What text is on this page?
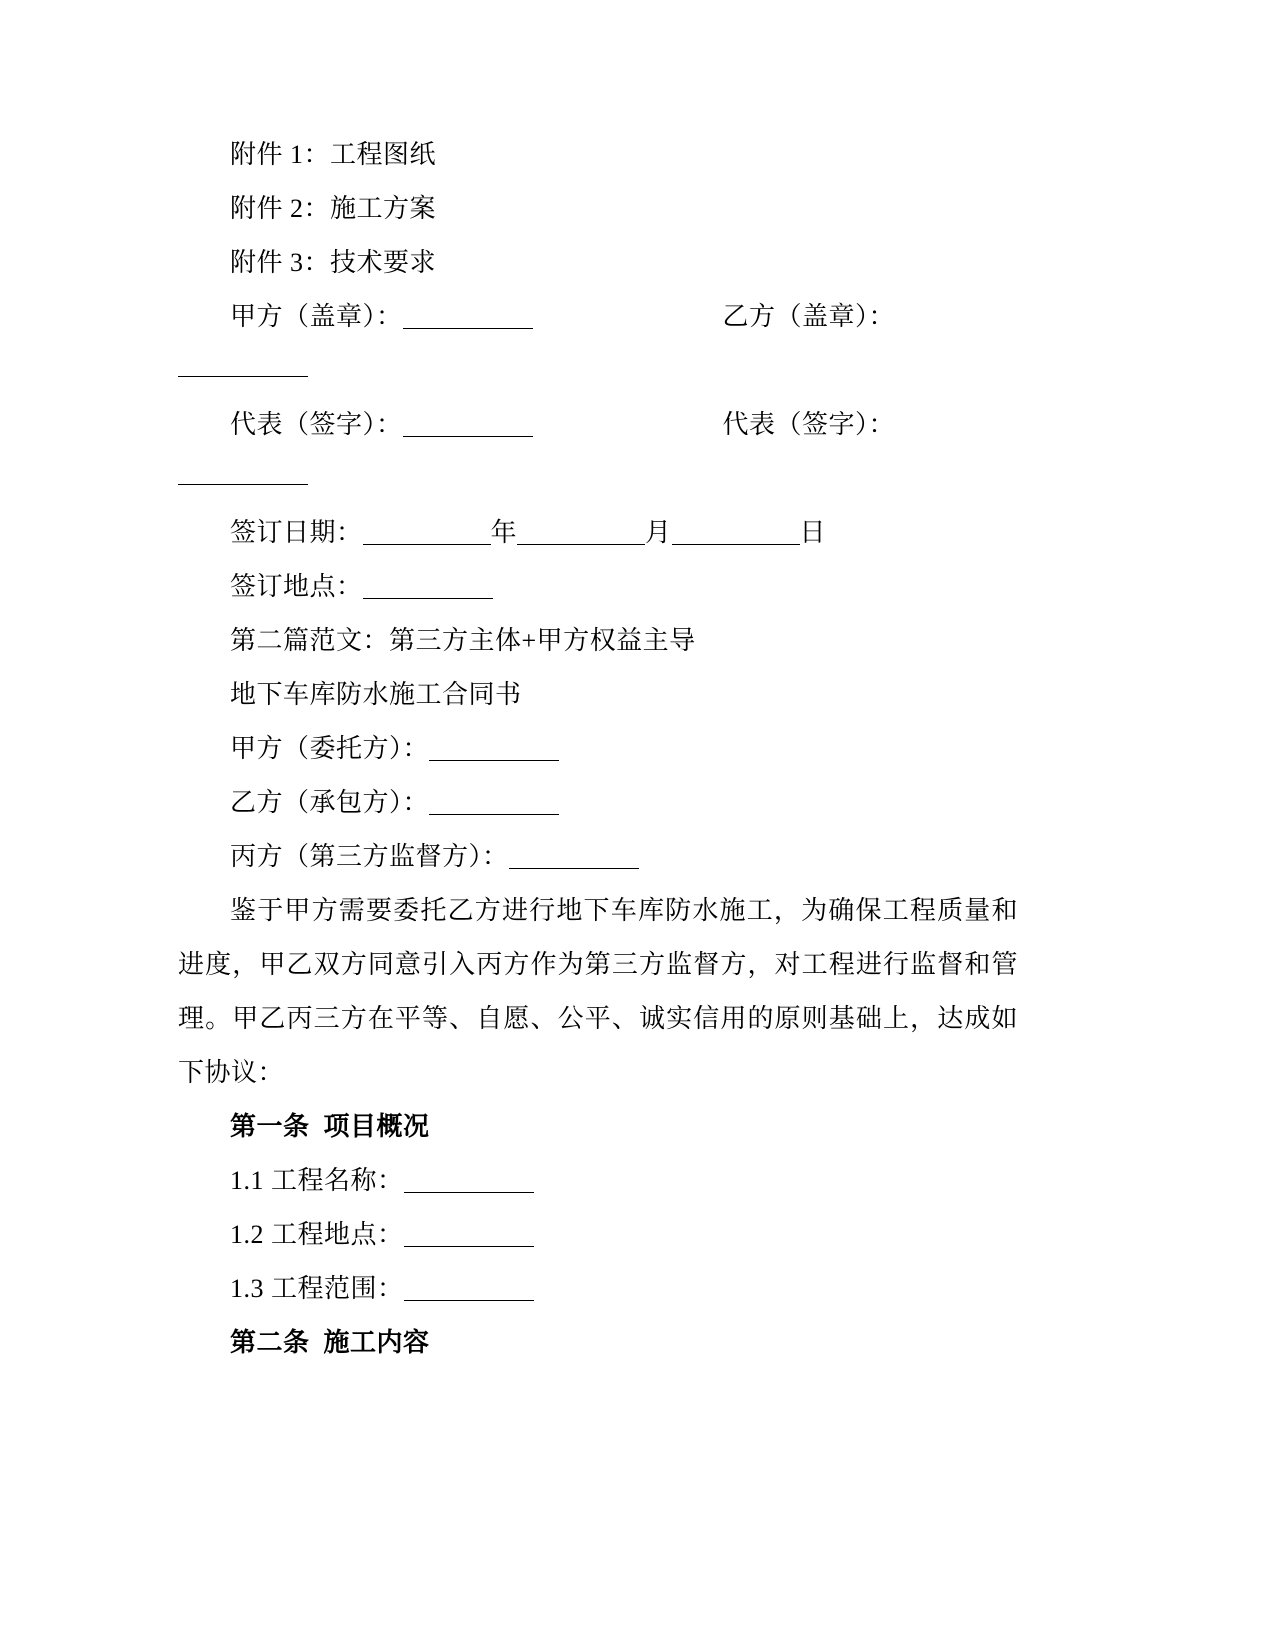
附件 1：工程图纸
附件 2：施工方案
附件 3：技术要求
甲方（盖章）：	乙方（盖章）：
代表（签字）：	代表（签字）：
签订日期：	年	月	日
签订地点：
第二篇范文：第三方主体+甲方权益主导
地下车库防水施工合同书
甲方（委托方）：
乙方（承包方）：
丙方（第三方监督方）：
鉴于甲方需要委托乙方进行地下车库防水施工，为确保工程质量和进度，甲乙双方同意引入丙方作为第三方监督方，对工程进行监督和管理。甲乙丙三方在平等、自愿、公平、诚实信用的原则基础上，达成如下协议：
第一条  项目概况
1.1 工程名称：
1.2 工程地点：
1.3 工程范围：
第二条  施工内容
